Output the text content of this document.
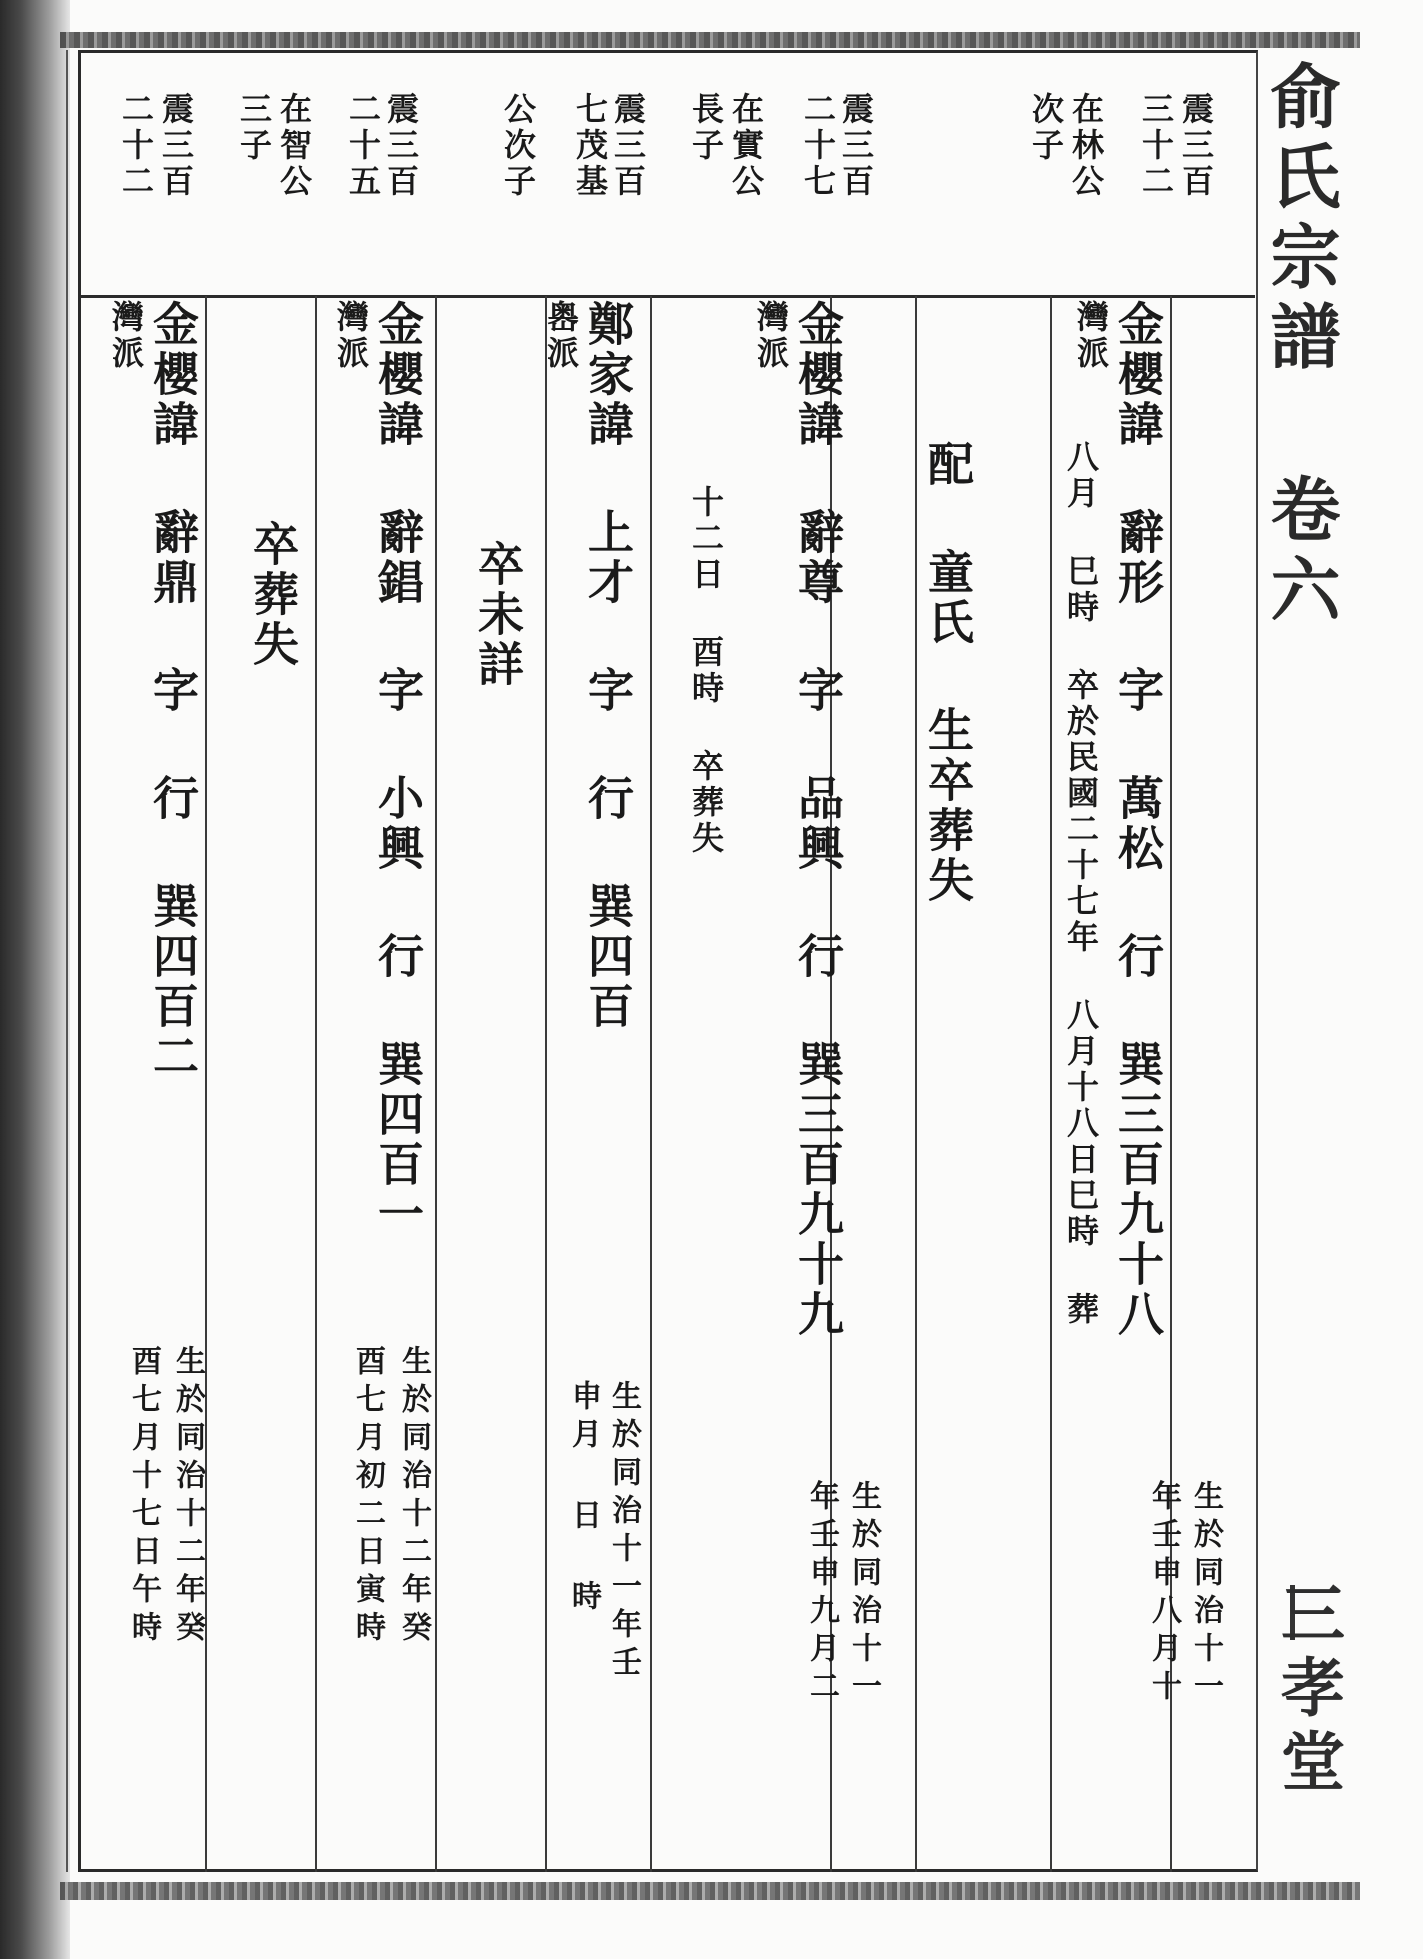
俞氏宗譜 卷六
三孝堂
震三百
三十二
在林公
次子
震三百
二十七
在實公
長子
震三百
七茂基
公次子
震三百
二十五
在智公
三子
震三百
二十二
金櫻諱 辭形 字 萬松 行 巽三百九十八
灣派
八月 巳時 卒於民國二十七年 八月十八日巳時 葬
生於同治十一
年壬申八月十
配 童氏 生卒葬失
金櫻諱 辭尊 字 品興 行 巽三百九十九
灣派
十二日 酉時 卒葬失
生於同治十一
年壬申九月二
鄭家諱 上才 字 行 巽四百
嶴派
生於同治十一年壬
申月 日 時
卒未詳
金櫻諱 辭錩 字 小興 行 巽四百一
灣派
生於同治十二年癸
酉七月初二日寅時
卒葬失
金櫻諱 辭鼎 字 行 巽四百二
灣派
生於同治十二年癸
酉七月十七日午時
